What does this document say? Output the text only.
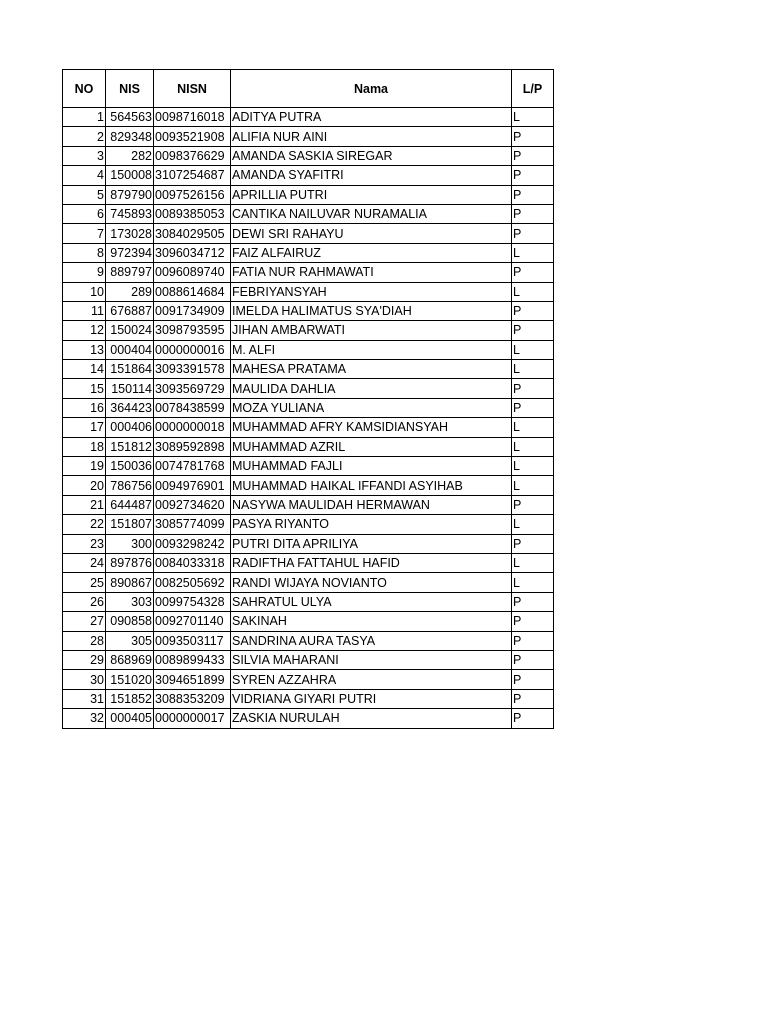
NO	NIS	NISN	Nama	L/P
1	564563	0098716018	ADITYA PUTRA	L
2	829348	0093521908	ALIFIA NUR AINI	P
3	282	0098376629	AMANDA SASKIA SIREGAR	P
4	150008	3107254687	AMANDA SYAFITRI	P
5	879790	0097526156	APRILLIA PUTRI	P
6	745893	0089385053	CANTIKA NAILUVAR NURAMALIA	P
7	173028	3084029505	DEWI SRI RAHAYU	P
8	972394	3096034712	FAIZ ALFAIRUZ	L
9	889797	0096089740	FATIA NUR RAHMAWATI	P
10	289	0088614684	FEBRIYANSYAH	L
11	676887	0091734909	IMELDA HALIMATUS SYA'DIAH	P
12	150024	3098793595	JIHAN AMBARWATI	P
13	000404	0000000016	M. ALFI	L
14	151864	3093391578	MAHESA PRATAMA	L
15	150114	3093569729	MAULIDA DAHLIA	P
16	364423	0078438599	MOZA YULIANA	P
17	000406	0000000018	MUHAMMAD AFRY KAMSIDIANSYAH	L
18	151812	3089592898	MUHAMMAD AZRIL	L
19	150036	0074781768	MUHAMMAD FAJLI	L
20	786756	0094976901	MUHAMMAD HAIKAL IFFANDI ASYIHAB	L
21	644487	0092734620	NASYWA MAULIDAH HERMAWAN	P
22	151807	3085774099	PASYA RIYANTO	L
23	300	0093298242	PUTRI DITA APRILIYA	P
24	897876	0084033318	RADIFTHA FATTAHUL HAFID	L
25	890867	0082505692	RANDI WIJAYA NOVIANTO	L
26	303	0099754328	SAHRATUL ULYA	P
27	090858	0092701140	SAKINAH	P
28	305	0093503117	SANDRINA AURA TASYA	P
29	868969	0089899433	SILVIA MAHARANI	P
30	151020	3094651899	SYREN AZZAHRA	P
31	151852	3088353209	VIDRIANA GIYARI PUTRI	P
32	000405	0000000017	ZASKIA NURULAH	P
